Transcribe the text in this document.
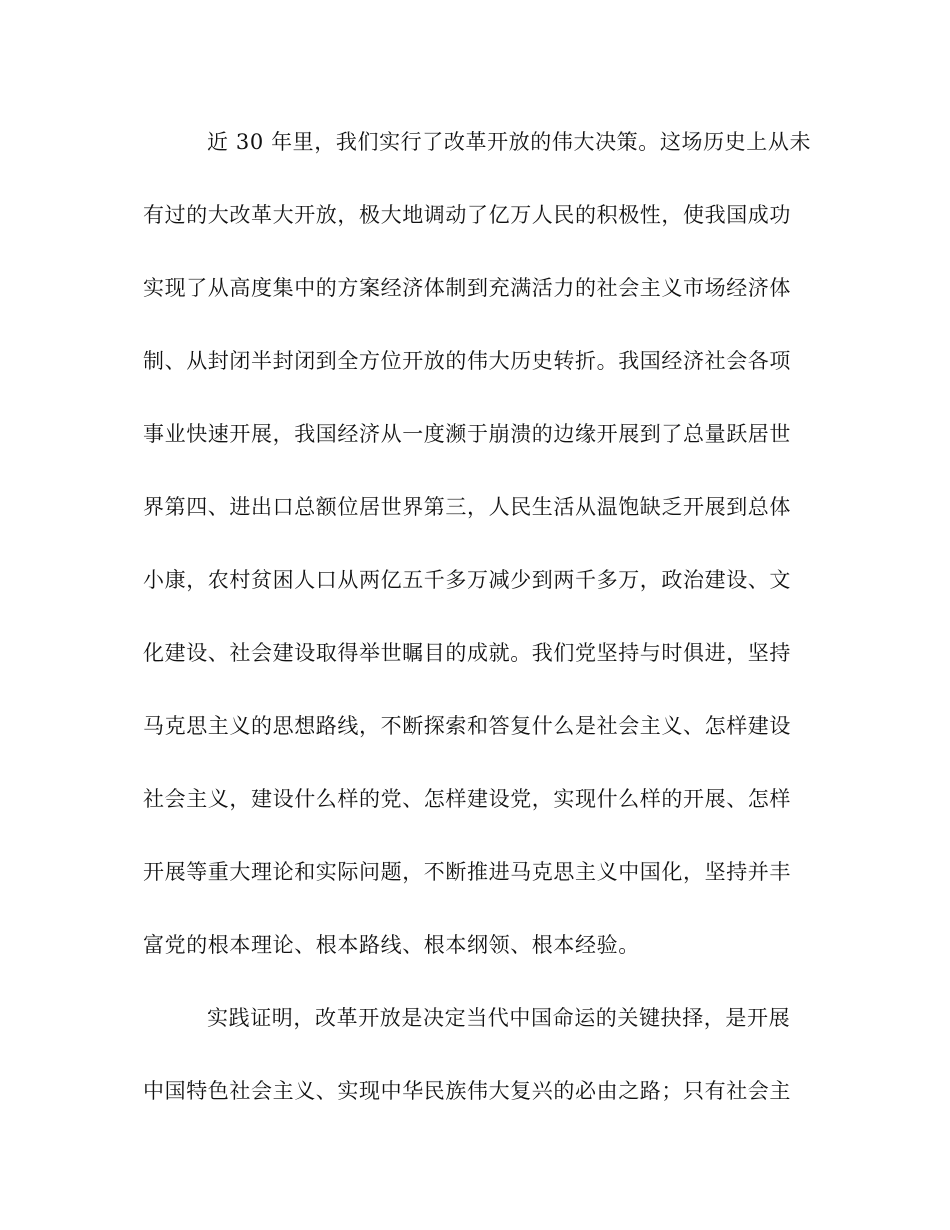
近 30 年里，我们实行了改革开放的伟大决策。这场历史上从未
有过的大改革大开放，极大地调动了亿万人民的积极性，使我国成功
实现了从高度集中的方案经济体制到充满活力的社会主义市场经济体
制、从封闭半封闭到全方位开放的伟大历史转折。我国经济社会各项
事业快速开展，我国经济从一度濒于崩溃的边缘开展到了总量跃居世
界第四、进出口总额位居世界第三，人民生活从温饱缺乏开展到总体
小康，农村贫困人口从两亿五千多万减少到两千多万，政治建设、文
化建设、社会建设取得举世瞩目的成就。我们党坚持与时俱进，坚持
马克思主义的思想路线，不断探索和答复什么是社会主义、怎样建设
社会主义，建设什么样的党、怎样建设党，实现什么样的开展、怎样
开展等重大理论和实际问题，不断推进马克思主义中国化，坚持并丰
富党的根本理论、根本路线、根本纲领、根本经验。
实践证明，改革开放是决定当代中国命运的关键抉择，是开展
中国特色社会主义、实现中华民族伟大复兴的必由之路；只有社会主
